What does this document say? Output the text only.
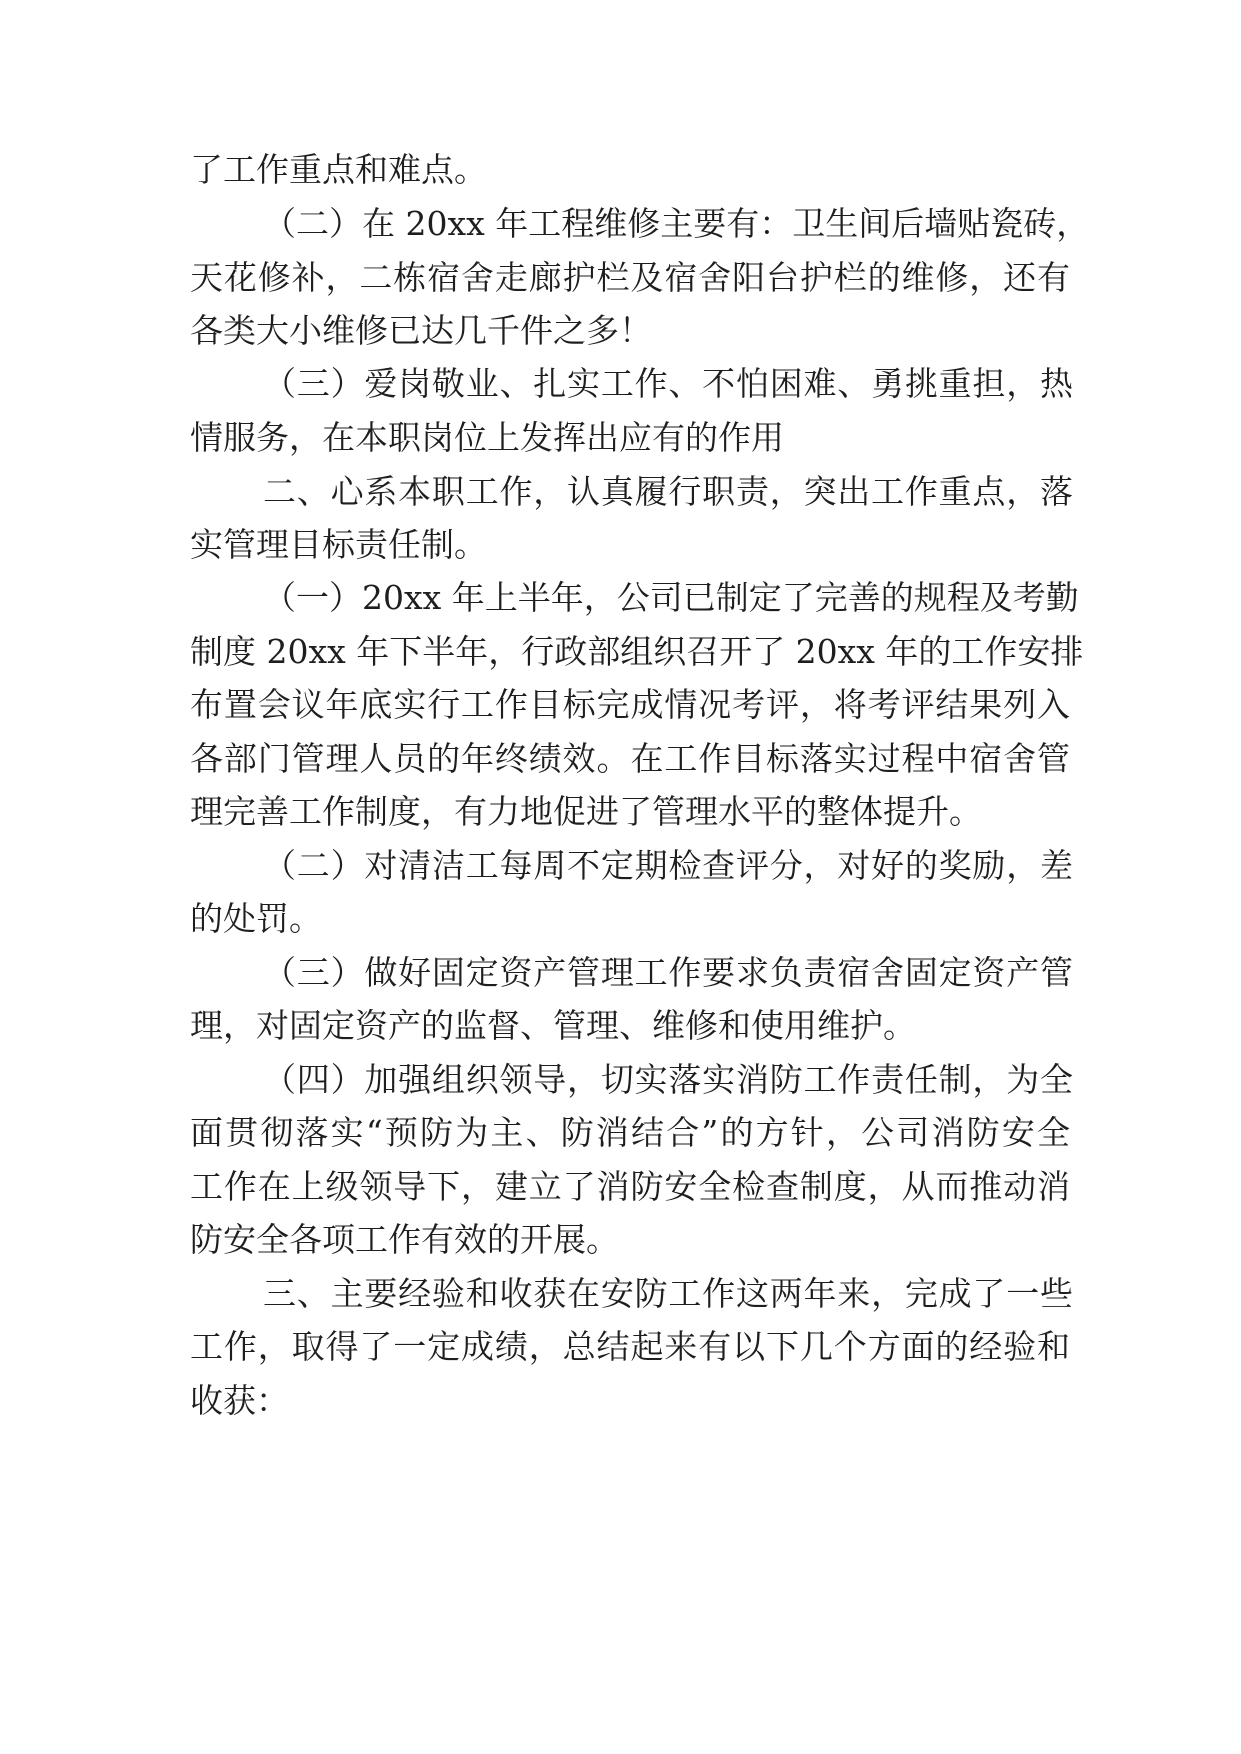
了工作重点和难点。
（二）在 20xx 年工程维修主要有：卫生间后墙贴瓷砖，
天花修补，二栋宿舍走廊护栏及宿舍阳台护栏的维修，还有
各类大小维修已达几千件之多！
（三）爱岗敬业、扎实工作、不怕困难、勇挑重担，热
情服务，在本职岗位上发挥出应有的作用
二、心系本职工作，认真履行职责，突出工作重点，落
实管理目标责任制。
（一）20xx 年上半年，公司已制定了完善的规程及考勤
制度 20xx 年下半年，行政部组织召开了 20xx 年的工作安排
布置会议年底实行工作目标完成情况考评，将考评结果列入
各部门管理人员的年终绩效。在工作目标落实过程中宿舍管
理完善工作制度，有力地促进了管理水平的整体提升。
（二）对清洁工每周不定期检查评分，对好的奖励，差
的处罚。
（三）做好固定资产管理工作要求负责宿舍固定资产管
理，对固定资产的监督、管理、维修和使用维护。
（四）加强组织领导，切实落实消防工作责任制，为全
面贯彻落实“预防为主、防消结合”的方针，公司消防安全
工作在上级领导下，建立了消防安全检查制度，从而推动消
防安全各项工作有效的开展。
三、主要经验和收获在安防工作这两年来，完成了一些
工作，取得了一定成绩，总结起来有以下几个方面的经验和
收获：
